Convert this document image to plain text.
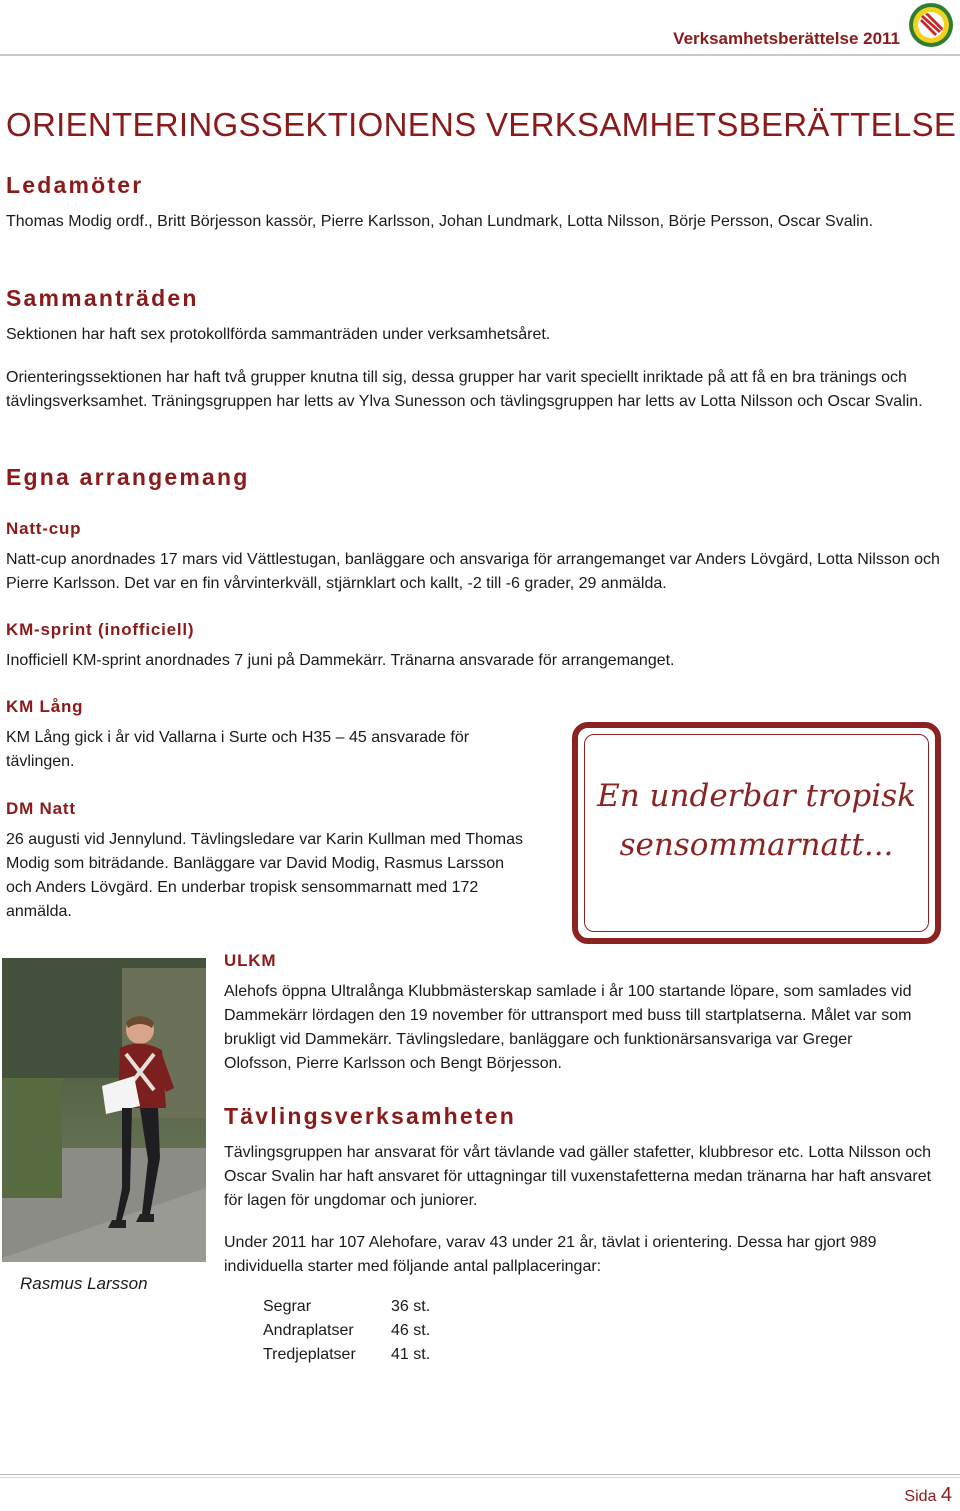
Verksamhetsberättelse 2011
ORIENTERINGSSEKTIONENS VERKSAMHETSBERÄTTELSE
Ledamöter
Thomas Modig ordf., Britt Börjesson kassör, Pierre Karlsson, Johan Lundmark, Lotta Nilsson, Börje Persson, Oscar Svalin.
Sammanträden
Sektionen har haft sex protokollförda sammanträden under verksamhetsåret.
Orienteringssektionen har haft två grupper knutna till sig, dessa grupper har varit speciellt inriktade på att få en bra tränings och tävlingsverksamhet. Träningsgruppen har letts av Ylva Sunesson och tävlingsgruppen har letts av Lotta Nilsson och Oscar Svalin.
Egna arrangemang
Natt-cup
Natt-cup anordnades 17 mars vid Vättlestugan, banläggare och ansvariga för arrangemanget var Anders Lövgärd, Lotta Nilsson och Pierre Karlsson. Det var en fin vårvinterkväll, stjärnklart och kallt, -2 till -6 grader, 29 anmälda.
KM-sprint (inofficiell)
Inofficiell KM-sprint anordnades 7 juni på Dammekärr. Tränarna ansvarade för arrangemanget.
KM Lång
KM Lång gick i år vid Vallarna i Surte och H35 – 45 ansvarade för tävlingen.
DM Natt
26 augusti vid Jennylund. Tävlingsledare var Karin Kullman med Thomas Modig som biträdande. Banläggare var David Modig, Rasmus Larsson och Anders Lövgärd. En underbar tropisk sensommarnatt med 172 anmälda.
En underbar tropisk sensommarnatt...
Rasmus Larsson
ULKM
Alehofs öppna Ultralånga Klubbmästerskap samlade i år 100 startande löpare, som samlades vid Dammekärr lördagen den 19 november för uttransport med buss till startplatserna. Målet var som brukligt vid Dammekärr. Tävlingsledare, banläggare och funktionärsansvariga var Greger Olofsson, Pierre Karlsson och Bengt Börjesson.
Tävlingsverksamheten
Tävlingsgruppen har ansvarat för vårt tävlande vad gäller stafetter, klubbresor etc. Lotta Nilsson och Oscar Svalin har haft ansvaret för uttagningar till vuxenstafetterna medan tränarna har haft ansvaret för lagen för ungdomar och juniorer.
Under 2011 har 107 Alehofare, varav 43 under 21 år, tävlat i orientering. Dessa har gjort 989 individuella starter med följande antal pallplaceringar:
Segrar	36 st.
Andraplatser	46 st.
Tredjeplatser	41 st.
Sida 4
